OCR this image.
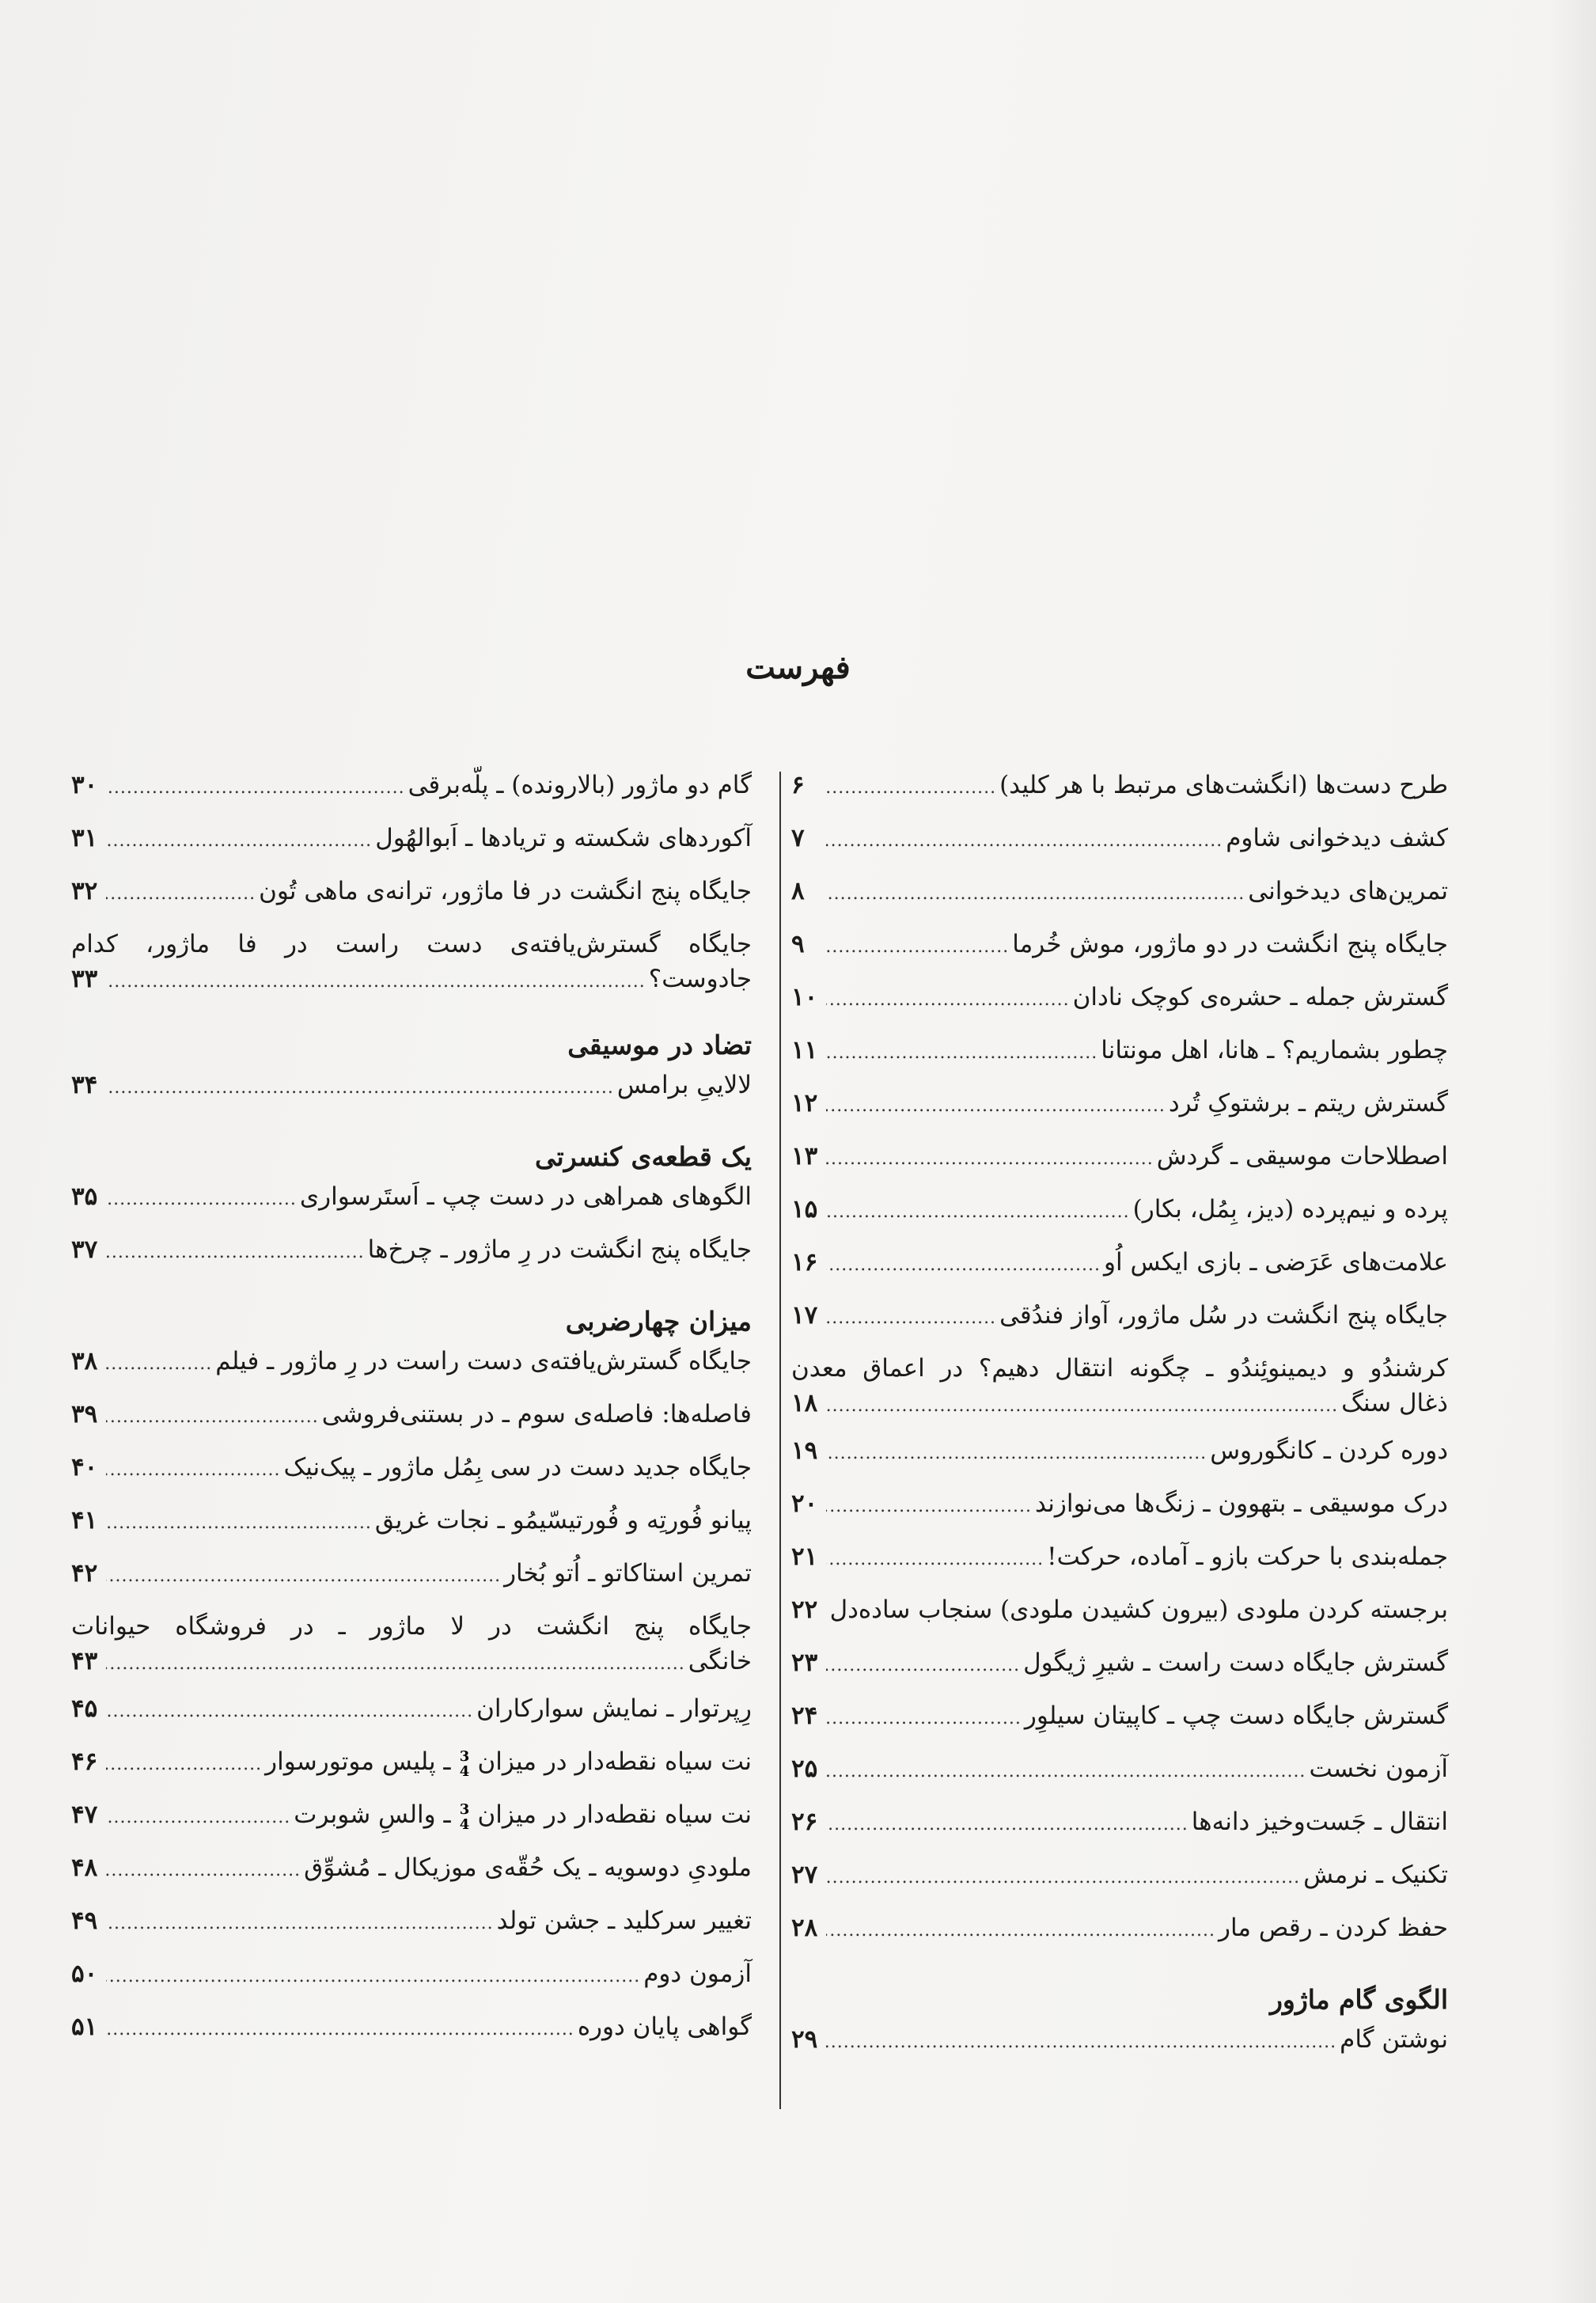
فهرست
طرح دست‌ها (انگشت‌های مرتبط با هر کلید)
.....
۶
کشف دیدخوانی شاوم
.....
۷
تمرین‌های دیدخوانی
.....
۸
جایگاه پنج انگشت در دو ماژور، موش خُرما
.....
۹
گسترش جمله ـ حشره‌ی کوچک نادان
.....
۱۰
چطور بشماریم؟ ـ هانا، اهل مونتانا
.....
۱۱
گسترش ریتم ـ برشتوکِ تُرد
.....
۱۲
اصطلاحات موسیقی ـ گردش
.....
۱۳
پرده و نیم‌پرده (دیز، بِمُل، بکار)
.....
۱۵
علامت‌های عَرَضی ـ بازی ایکس اُو
.....
۱۶
جایگاه پنج انگشت در سُل ماژور، آواز فندُقی
.....
۱۷
کرشندُو و دیمینوئِندُو ـ چگونه انتقال دهیم؟ در اعماق معدن
ذغال سنگ
.....
۱۸
دوره کردن ـ کانگوروس
.....
۱۹
درک موسیقی ـ بتهوون ـ زنگ‌ها می‌نوازند
.....
۲۰
جمله‌بندی با حرکت بازو ـ آماده، حرکت!
.....
۲۱
برجسته کردن ملودی (بیرون کشیدن ملودی) سنجاب ساده‌دل
.....
۲۲
گسترش جایگاه دست راست ـ شیرِ ژیگول
.....
۲۳
گسترش جایگاه دست چپ ـ کاپیتان سیلوِر
.....
۲۴
آزمون نخست
.....
۲۵
انتقال ـ جَست‌وخیز دانه‌ها
.....
۲۶
تکنیک ـ نرمش
.....
۲۷
حفظ کردن ـ رقص مار
.....
۲۸
الگوی گام ماژور
نوشتن گام
.....
۲۹
گام دو ماژور (بالارونده) ـ پلّه‌برقی
.....
۳۰
آکوردهای شکسته و تریادها ـ اَبوالهُول
.....
۳۱
جایگاه پنج انگشت در فا ماژور، ترانه‌ی ماهی تُون
.....
۳۲
جایگاه گسترش‌یافته‌ی دست راست در فا ماژور، کدام
جادوست؟
.....
۳۳
تضاد در موسیقی
لالاییِ برامس
.....
۳۴
یک قطعه‌ی کنسرتی
الگوهای همراهی در دست چپ ـ اَستَرسواری
.....
۳۵
جایگاه پنج انگشت در رِ ماژور ـ چرخ‌ها
.....
۳۷
میزان چهارضربی
جایگاه گسترش‌یافته‌ی دست راست در رِ ماژور ـ فیلم
.....
۳۸
فاصله‌ها: فاصله‌ی سوم ـ در بستنی‌فروشی
.....
۳۹
جایگاه جدید دست در سی بِمُل ماژور ـ پیک‌نیک
.....
۴۰
پیانو فُورتِه و فُورتیسّیمُو ـ نجات غریق
.....
۴۱
تمرین استاکاتو ـ اُتو بُخار
.....
۴۲
جایگاه پنج انگشت در لا ماژور ـ در فروشگاه حیوانات
خانگی
.....
۴۳
رِپرتوار ـ نمایش سوارکاران
.....
۴۵
نت سیاه نقطه‌دار در میزان
3
4
ـ پلیس موتورسوار
.....
۴۶
نت سیاه نقطه‌دار در میزان
3
4
ـ والسِ شوبرت
.....
۴۷
ملودیِ دوسویه ـ یک حُقّه‌ی موزیکال ـ مُشوِّق
.....
۴۸
تغییر سرکلید ـ جشن تولد
.....
۴۹
آزمون دوم
.....
۵۰
گواهی پایان دوره
.....
۵۱
